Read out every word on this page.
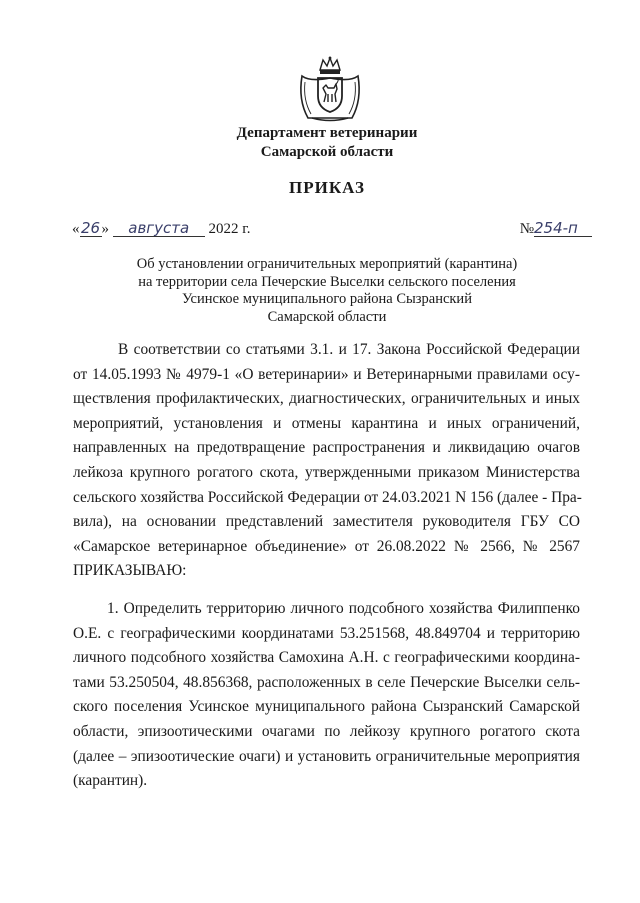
Департамент ветеринарии
Самарской области
ПРИКАЗ
«26» августа 2022 г.	№254-п
Об установлении ограничительных мероприятий (карантина)
на территории села Печерские Выселки сельского поселения
Усинское муниципального района Сызранский
Самарской области
В соответствии со статьями 3.1. и 17. Закона Российской Федерации
от 14.05.1993 № 4979-1 «О ветеринарии» и Ветеринарными правилами осу-
ществления профилактических, диагностических, ограничительных и иных
мероприятий, установления и отмены карантина и иных ограничений,
направленных на предотвращение распространения и ликвидацию очагов
лейкоза крупного рогатого скота, утвержденными приказом Министерства
сельского хозяйства Российской Федерации от 24.03.2021 N 156 (далее - Пра-
вила), на основании представлений заместителя руководителя ГБУ СО
«Самарское ветеринарное объединение» от 26.08.2022 № 2566, № 2567
ПРИКАЗЫВАЮ:
1. Определить территорию личного подсобного хозяйства Филиппенко
О.Е. с географическими координатами 53.251568, 48.849704 и территорию
личного подсобного хозяйства Самохина А.Н. с географическими координа-
тами 53.250504, 48.856368, расположенных в селе Печерские Выселки сель-
ского поселения Усинское муниципального района Сызранский Самарской
области, эпизоотическими очагами по лейкозу крупного рогатого скота
(далее – эпизоотические очаги) и установить ограничительные мероприятия
(карантин).
